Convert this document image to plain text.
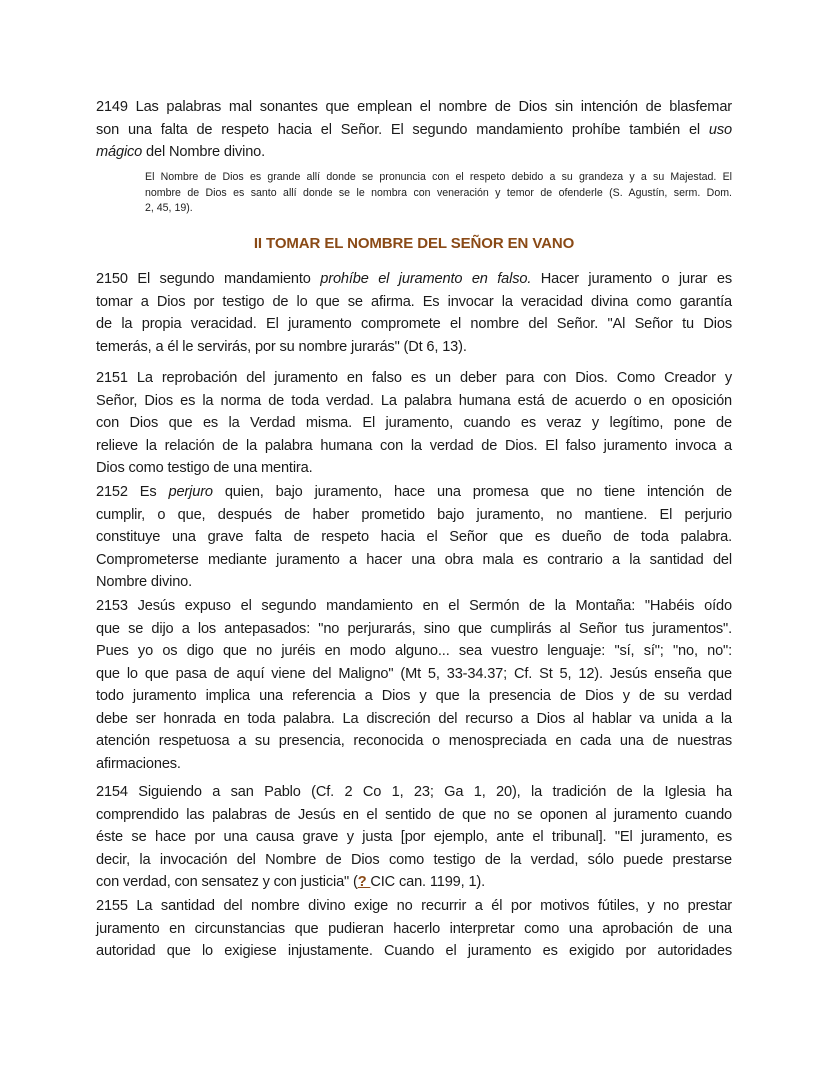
2149 Las palabras mal sonantes que emplean el nombre de Dios sin intención de blasfemar
son una falta de respeto hacia el Señor. El segundo mandamiento prohíbe también el uso
mágico del Nombre divino.
El Nombre de Dios es grande allí donde se pronuncia con el respeto debido a su grandeza y a su Majestad. El
nombre de Dios es santo allí donde se le nombra con veneración y temor de ofenderle (S. Agustín, serm. Dom.
2, 45, 19).
II TOMAR EL NOMBRE DEL SEÑOR EN VANO
2150 El segundo mandamiento prohíbe el juramento en falso. Hacer juramento o jurar es
tomar a Dios por testigo de lo que se afirma. Es invocar la veracidad divina como garantía
de la propia veracidad. El juramento compromete el nombre del Señor. "Al Señor tu Dios
temerás, a él le servirás, por su nombre jurarás" (Dt 6, 13).
2151 La reprobación del juramento en falso es un deber para con Dios. Como Creador y
Señor, Dios es la norma de toda verdad. La palabra humana está de acuerdo o en oposición
con Dios que es la Verdad misma. El juramento, cuando es veraz y legítimo, pone de
relieve la relación de la palabra humana con la verdad de Dios. El falso juramento invoca a
Dios como testigo de una mentira.
2152 Es perjuro quien, bajo juramento, hace una promesa que no tiene intención de
cumplir, o que, después de haber prometido bajo juramento, no mantiene. El perjurio
constituye una grave falta de respeto hacia el Señor que es dueño de toda palabra.
Comprometerse mediante juramento a hacer una obra mala es contrario a la santidad del
Nombre divino.
2153 Jesús expuso el segundo mandamiento en el Sermón de la Montaña: "Habéis oído
que se dijo a los antepasados: "no perjurarás, sino que cumplirás al Señor tus juramentos".
Pues yo os digo que no juréis en modo alguno... sea vuestro lenguaje: "sí, sí"; "no, no":
que lo que pasa de aquí viene del Maligno" (Mt 5, 33-34.37; Cf. St 5, 12). Jesús enseña que
todo juramento implica una referencia a Dios y que la presencia de Dios y de su verdad
debe ser honrada en toda palabra. La discreción del recurso a Dios al hablar va unida a la
atención respetuosa a su presencia, reconocida o menospreciada en cada una de nuestras
afirmaciones.
2154 Siguiendo a san Pablo (Cf. 2 Co 1, 23; Ga 1, 20), la tradición de la Iglesia ha
comprendido las palabras de Jesús en el sentido de que no se oponen al juramento cuando
éste se hace por una causa grave y justa [por ejemplo, ante el tribunal]. "El juramento, es
decir, la invocación del Nombre de Dios como testigo de la verdad, sólo puede prestarse
con verdad, con sensatez y con justicia" (? CIC can. 1199, 1).
2155 La santidad del nombre divino exige no recurrir a él por motivos fútiles, y no prestar
juramento en circunstancias que pudieran hacerlo interpretar como una aprobación de una
autoridad que lo exigiese injustamente. Cuando el juramento es exigido por autoridades
